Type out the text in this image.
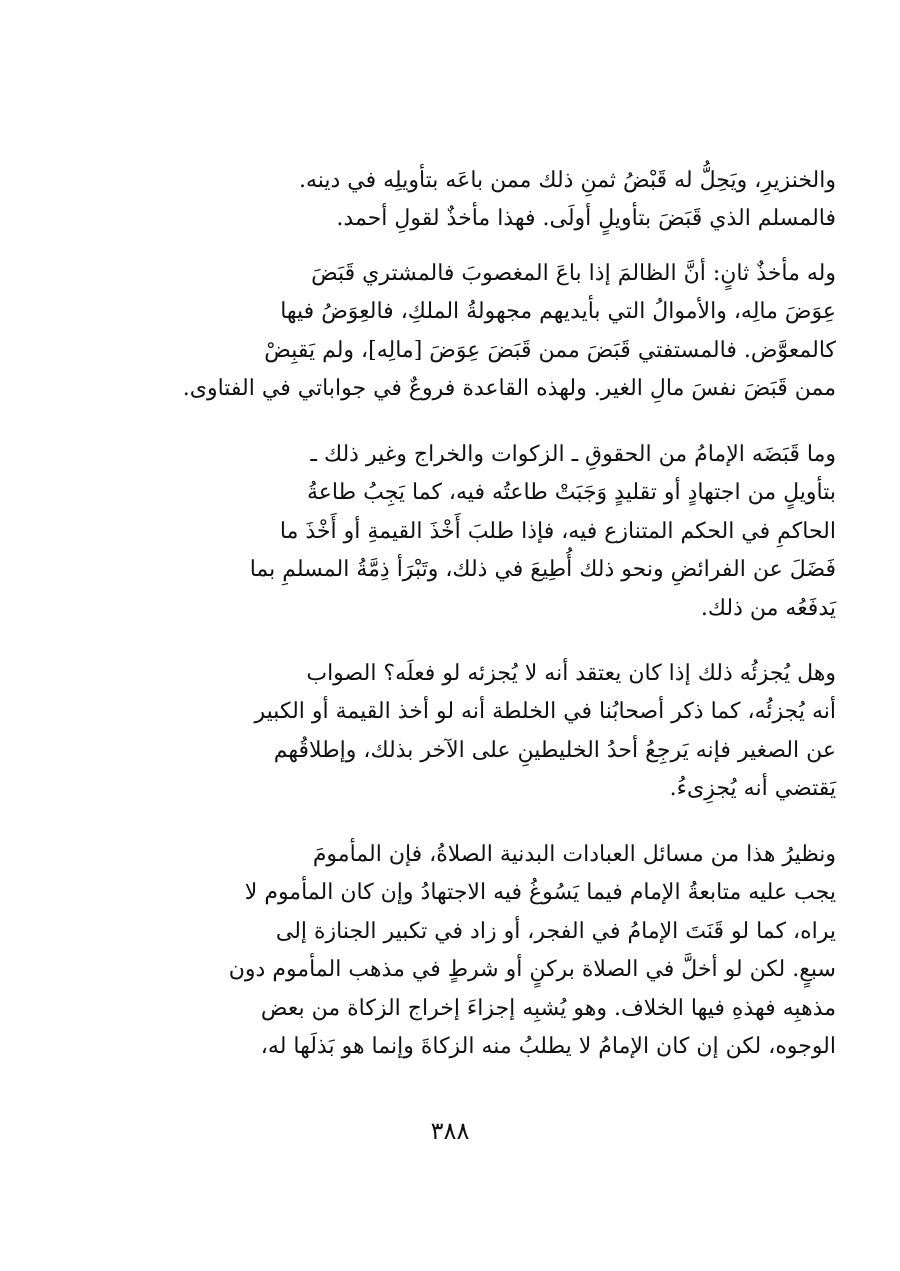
والخنزيرِ، ويَحِلُّ له قَبْضُ ثمنِ ذلك ممن باعَه بتأويلِه في دينه.
فالمسلم الذي قَبَضَ بتأويلٍ أولَى. فهذا مأخذٌ لقولِ أحمد.
وله مأخذٌ ثانٍ: أنَّ الظالمَ إذا باعَ المغصوبَ فالمشتري قَبَضَ
عِوَضَ مالِه، والأموالُ التي بأيديهم مجهولةُ الملكِ، فالعِوَضُ فيها
كالمعوَّض. فالمستفتي قَبَضَ ممن قَبَضَ عِوَضَ [مالِه]، ولم يَقبِضْ
ممن قَبَضَ نفسَ مالِ الغير. ولهذه القاعدة فروعٌ في جواباتي في الفتاوى.
وما قَبَضَه الإمامُ من الحقوقِ ـ الزكوات والخراج وغير ذلك ـ
بتأويلٍ من اجتهادٍ أو تقليدٍ وَجَبَتْ طاعتُه فيه، كما يَجِبُ طاعةُ
الحاكمِ في الحكم المتنازع فيه، فإذا طلبَ أَخْذَ القيمةِ أو أَخْذَ ما
فَضَلَ عن الفرائضِ ونحو ذلك أُطِيعَ في ذلك، وتَبْرَأ ذِمَّةُ المسلمِ بما
يَدفَعُه من ذلك.
وهل يُجزئُه ذلك إذا كان يعتقد أنه لا يُجزئه لو فعلَه؟ الصواب
أنه يُجزئُه، كما ذكر أصحابُنا في الخلطة أنه لو أخذ القيمة أو الكبير
عن الصغير فإنه يَرجِعُ أحدُ الخليطينِ على الآخر بذلك، وإطلاقُهم
يَقتضي أنه يُجزِىءُ.
ونظيرُ هذا من مسائل العبادات البدنية الصلاةُ، فإن المأمومَ
يجب عليه متابعةُ الإمام فيما يَسُوغُ فيه الاجتهادُ وإن كان المأموم لا
يراه، كما لو قَنَتَ الإمامُ في الفجر، أو زاد في تكبير الجنازة إلى
سبعٍ. لكن لو أخلَّ في الصلاة بركنٍ أو شرطٍ في مذهب المأموم دون
مذهبِه فهذهِ فيها الخلاف. وهو يُشبِه إجزاءَ إخراج الزكاة من بعض
الوجوه، لكن إن كان الإمامُ لا يطلبُ منه الزكاةَ وإنما هو بَذلَها له،
٣٨٨
